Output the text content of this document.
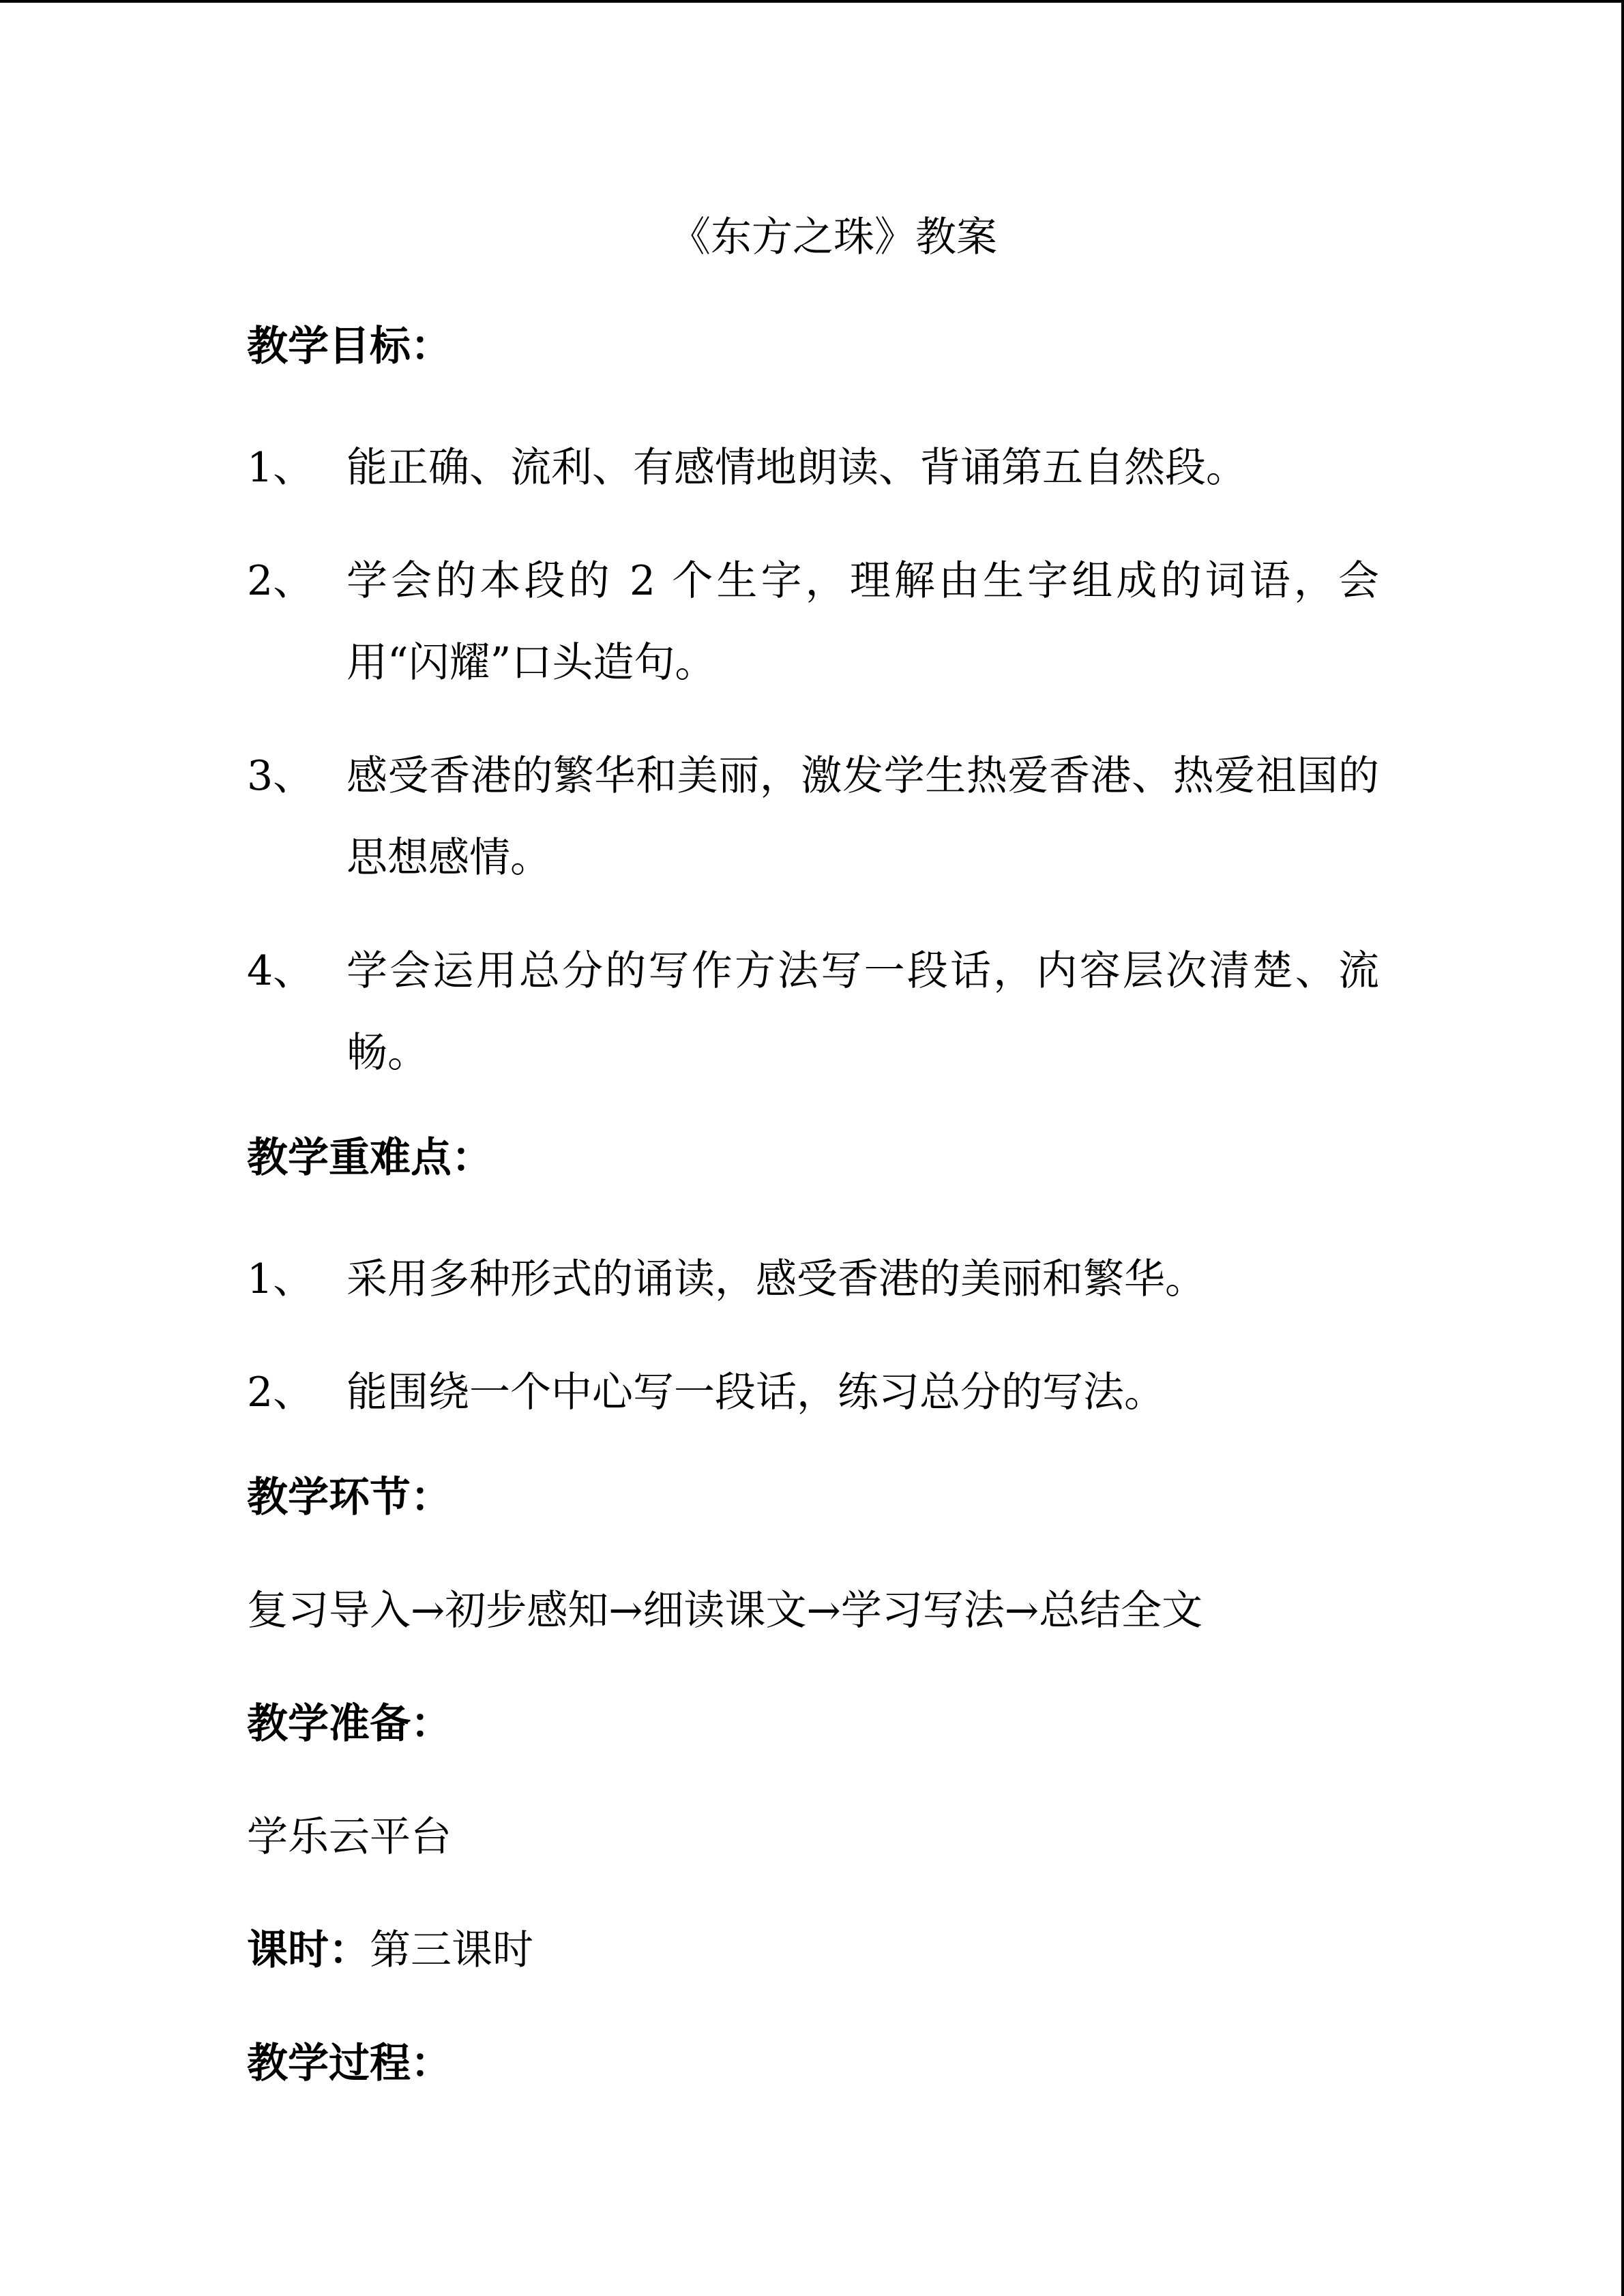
《东方之珠》教案
教学目标：
1、 能正确、流利、有感情地朗读、背诵第五自然段。
2、 学会的本段的 2 个生字，理解由生字组成的词语，会用“闪耀”口头造句。
3、 感受香港的繁华和美丽，激发学生热爱香港、热爱祖国的思想感情。
4、 学会运用总分的写作方法写一段话，内容层次清楚、流畅。
教学重难点：
1、 采用多种形式的诵读，感受香港的美丽和繁华。
2、 能围绕一个中心写一段话，练习总分的写法。
教学环节：
复习导入→初步感知→细读课文→学习写法→总结全文
教学准备：
学乐云平台
课时：第三课时
教学过程：
